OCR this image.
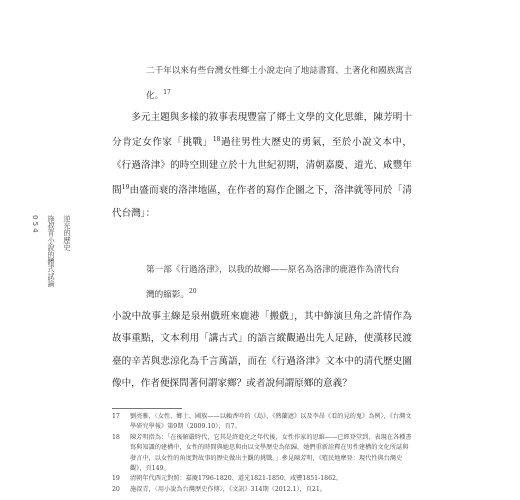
逆光的歷史
施叔青小說的體式試論
054
二千年以來有些台灣女性鄉土小說走向了地誌書寫、土著化和國族寓言化。$^{17}$
多元主題與多樣的敘事表現豐富了鄉土文學的文化思維，陳芳明十分肯定女作家「挑戰」$^{18}$過往男性大歷史的勇氣，至於小說文本中，《行過洛津》的時空則建立於十九世紀初期，清朝嘉慶、道光、咸豐年間$^{19}$由盛而衰的洛津地區，在作者的寫作企圖之下，洛津就等同於「清代台灣」：
第一部《行過洛津》，以我的故鄉——原名為洛津的鹿港作為清代台灣的縮影。$^{20}$
小說中故事主線是泉州戲班來鹿港「搬戲」，其中飾演旦角之許情作為故事重點，文本利用「講古式」的語言縱觀過出先人足跡，使漢移民渡臺的辛苦與悲涼化為千言萬語，而在《行過洛津》文本中的清代歷史圖像中，作者便探問著何謂家鄉？或者說何謂原鄉的意義？
17	劉亮雅，〈女性、鄉土、國族——以賴香吟的《島》、《熱蘭遮》以及李昂《看的見的鬼》為例〉，《台灣文學研究學報》第9期（2009.10），頁7。
18	陳芳明指為：「在後解嚴時代，它其是終進化之年代後，女性作家的思維——已經登堂到，表現在各種書寫與知識的建構中，女性的時間與她思與由以文學歷史為依歸，她們重新詮釋在男性建構的文化所誌與發言中，以女性的角度對故事的歷史做出主觀的挑戰。」參見陳芳明，《殖民地摩登：現代性與台灣史觀》，頁149。
19	清朝年代西元對照：嘉慶1796-1820、道光1821-1850、咸豐1851-1862。
20	施叔青，〈用小說為台灣歷史作傳〉，《文訊》314期（2012.1），頁21。
